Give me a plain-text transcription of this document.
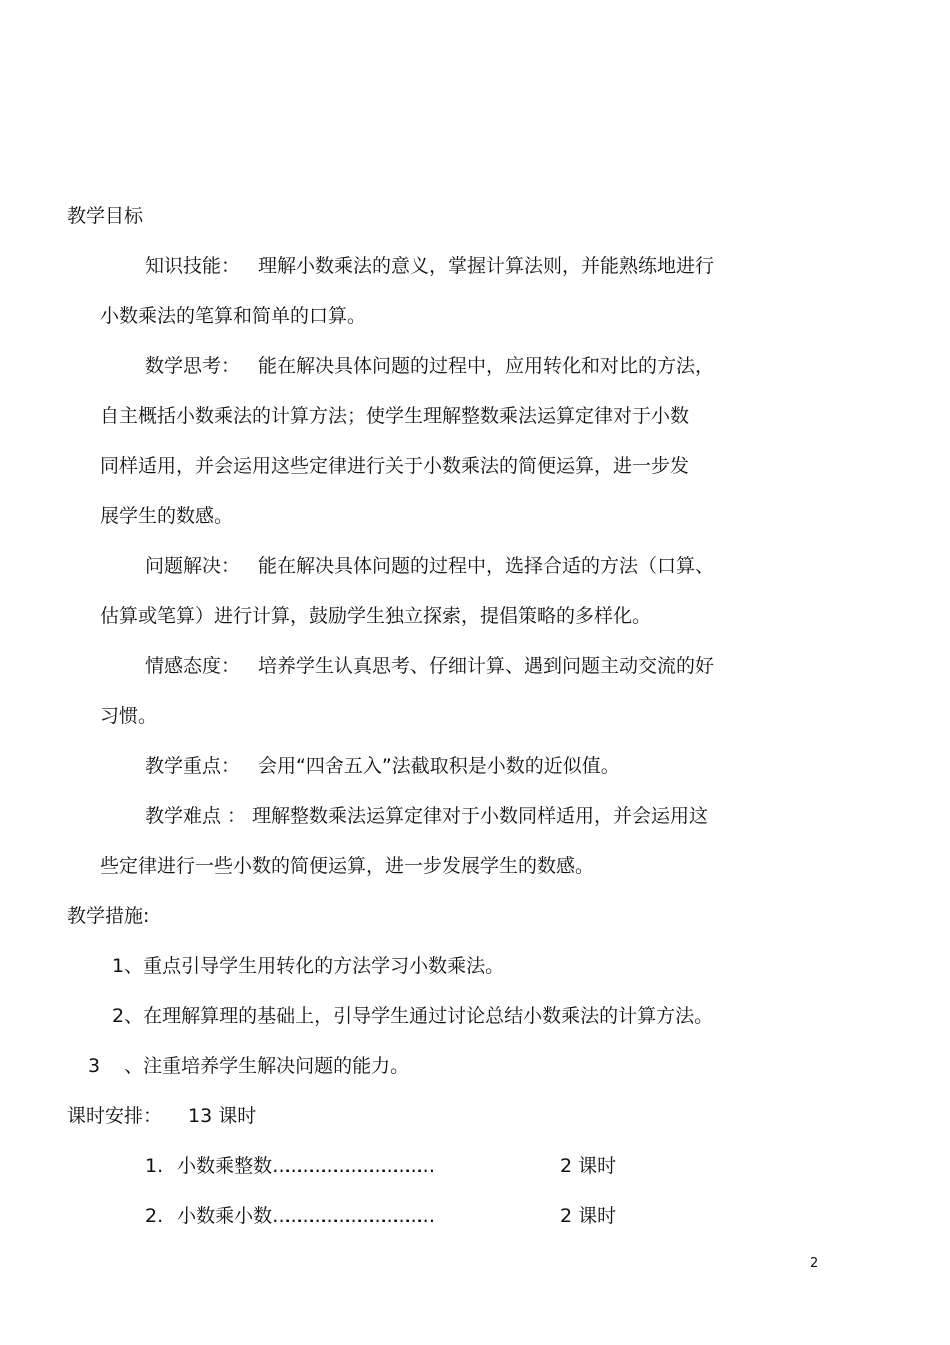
教学目标
知识技能： 理解小数乘法的意义，掌握计算法则，并能熟练地进行
小数乘法的笔算和简单的口算。
数学思考： 能在解决具体问题的过程中，应用转化和对比的方法，
自主概括小数乘法的计算方法；使学生理解整数乘法运算定律对于小数
同样适用，并会运用这些定律进行关于小数乘法的简便运算，进一步发
展学生的数感。
问题解决： 能在解决具体问题的过程中，选择合适的方法（口算、
估算或笔算）进行计算，鼓励学生独立探索，提倡策略的多样化。
情感态度： 培养学生认真思考、仔细计算、遇到问题主动交流的好
习惯。
教学重点： 会用“四舍五入”法截取积是小数的近似值。
教学难点 ： 理解整数乘法运算定律对于小数同样适用，并会运用这
些定律进行一些小数的简便运算，进一步发展学生的数感。
教学措施:
1、重点引导学生用转化的方法学习小数乘法。
2、在理解算理的基础上，引导学生通过讨论总结小数乘法的计算方法。
3 、注重培养学生解决问题的能力。
课时安排： 13 课时
1. 小数乘整数…………………………………	2 课时
2. 小数乘小数…………………………………	2 课时
2
